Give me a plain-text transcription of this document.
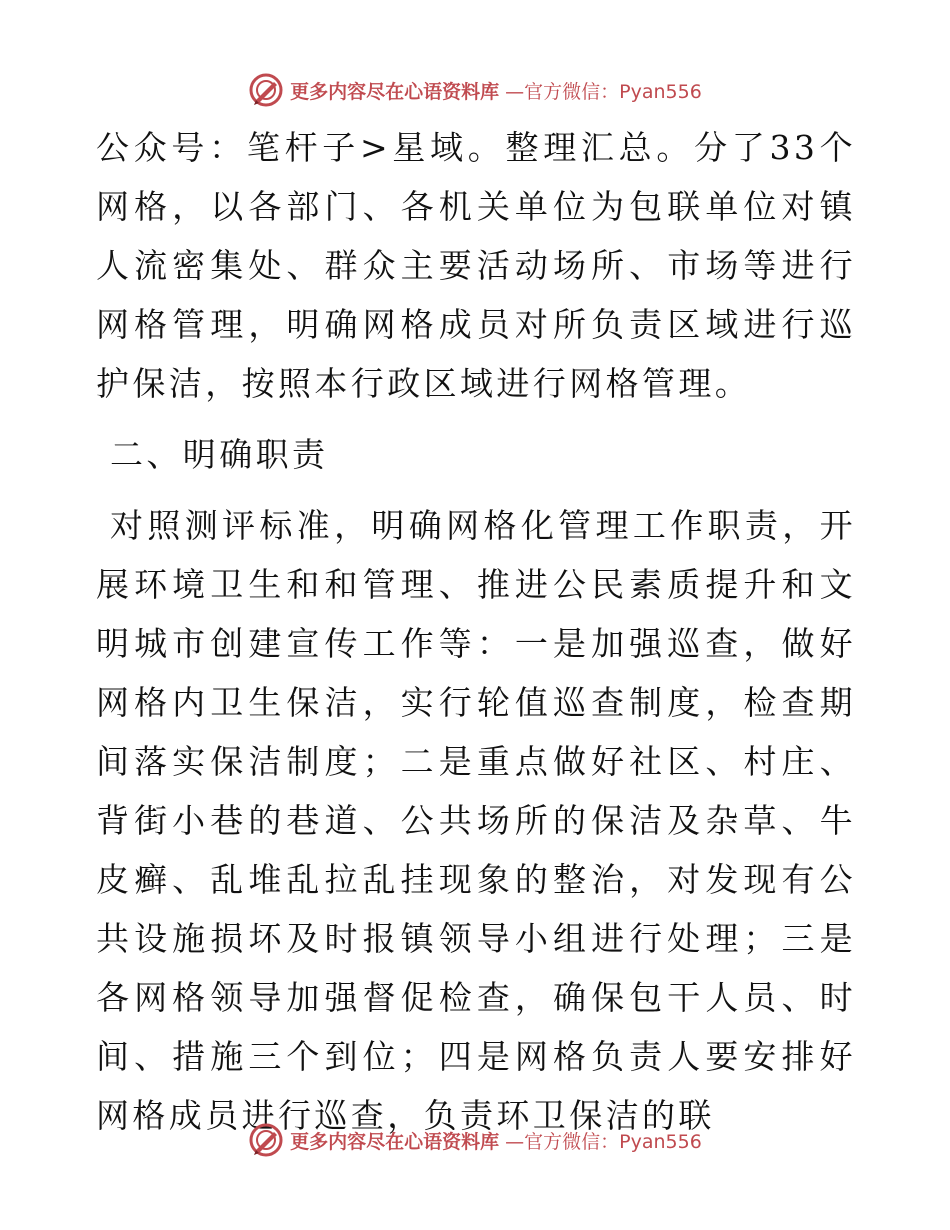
更多内容尽在心语资料库 —官方微信：Pyan556

公众号：笔杆子>星域。整理汇总。分了33个网格，以各部门、各机关单位为包联单位对镇人流密集处、群众主要活动场所、市场等进行网格管理，明确网格成员对所负责区域进行巡护保洁，按照本行政区域进行网格管理。

二、明确职责

对照测评标准，明确网格化管理工作职责，开展环境卫生和和管理、推进公民素质提升和文明城市创建宣传工作等：一是加强巡查，做好网格内卫生保洁，实行轮值巡查制度，检查期间落实保洁制度；二是重点做好社区、村庄、背街小巷的巷道、公共场所的保洁及杂草、牛皮癣、乱堆乱拉乱挂现象的整治，对发现有公共设施损坏及时报镇领导小组进行处理；三是各网格领导加强督促检查，确保包干人员、时间、措施三个到位；四是网格负责人要安排好网格成员进行巡查，负责环卫保洁的联

更多内容尽在心语资料库 —官方微信：Pyan556
